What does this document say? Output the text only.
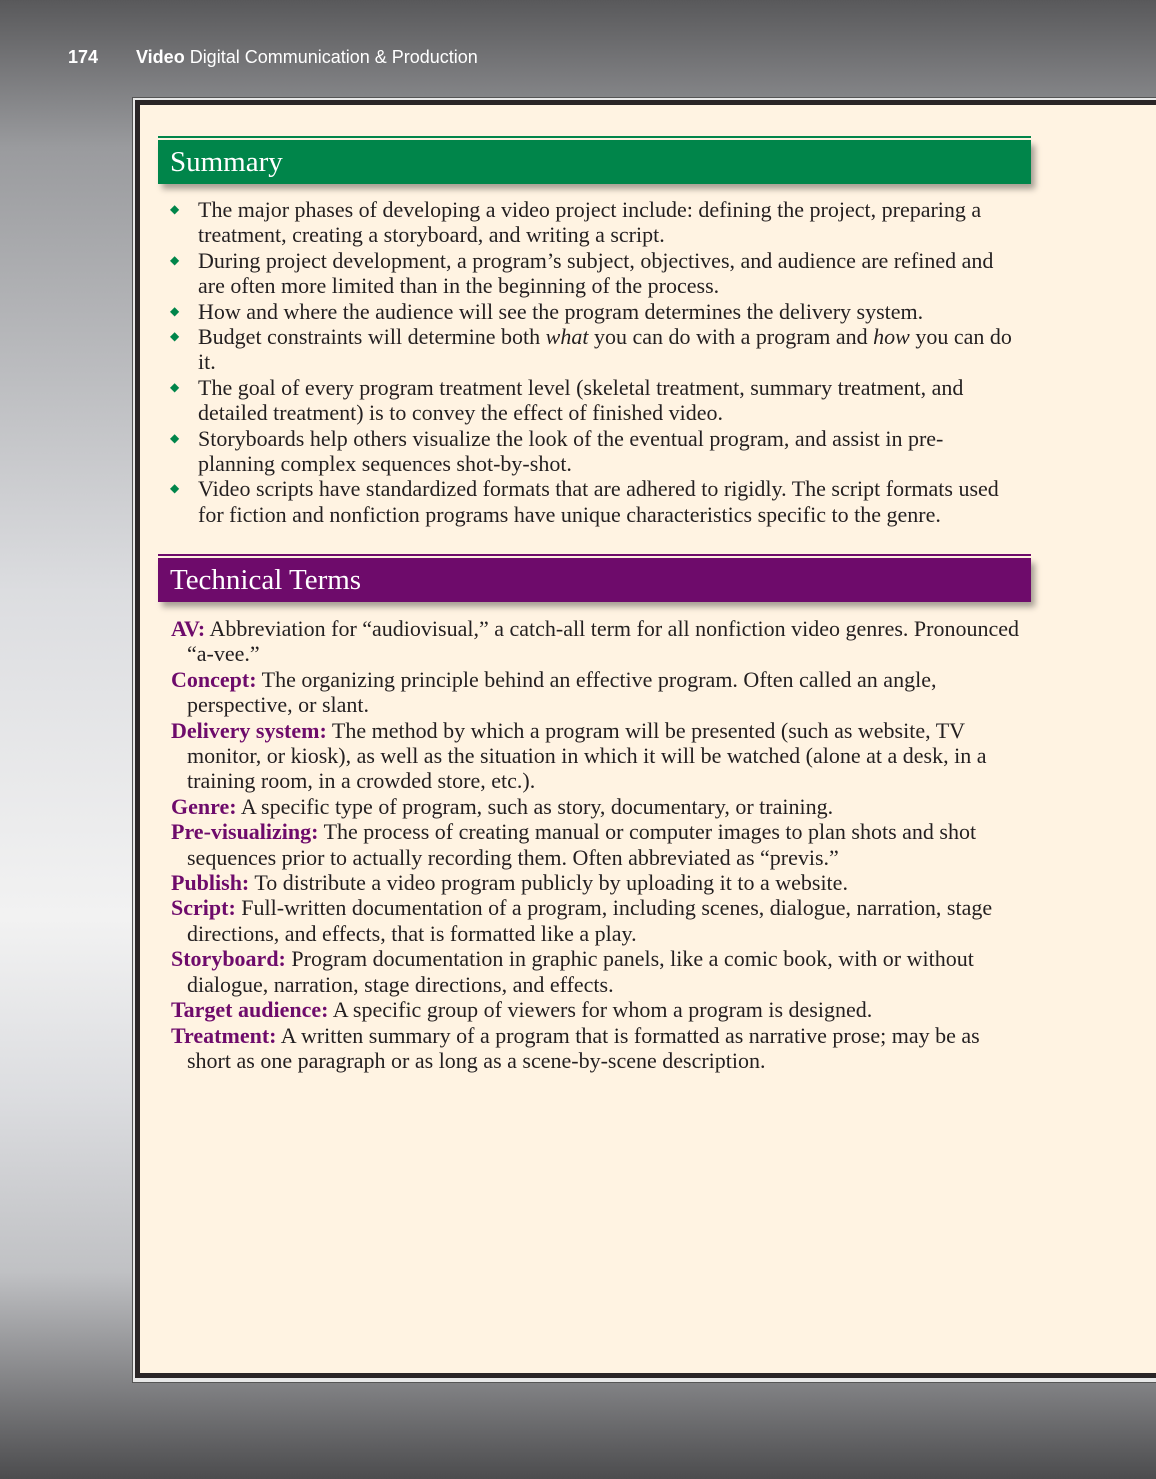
174 Video Digital Communication & Production
Summary
◆ The major phases of developing a video project include: defining the project, preparing a treatment, creating a storyboard, and writing a script.
◆ During project development, a program’s subject, objectives, and audience are refined and are often more limited than in the beginning of the process.
◆ How and where the audience will see the program determines the delivery system.
◆ Budget constraints will determine both what you can do with a program and how you can do it.
◆ The goal of every program treatment level (skeletal treatment, summary treatment, and detailed treatment) is to convey the effect of finished video.
◆ Storyboards help others visualize the look of the eventual program, and assist in pre-planning complex sequences shot-by-shot.
◆ Video scripts have standardized formats that are adhered to rigidly. The script formats used for fiction and nonfiction programs have unique characteristics specific to the genre.
Technical Terms
AV: Abbreviation for “audiovisual,” a catch-all term for all nonfiction video genres. Pronounced “a-vee.”
Concept: The organizing principle behind an effective program. Often called an angle, perspective, or slant.
Delivery system: The method by which a program will be presented (such as website, TV monitor, or kiosk), as well as the situation in which it will be watched (alone at a desk, in a training room, in a crowded store, etc.).
Genre: A specific type of program, such as story, documentary, or training.
Pre-visualizing: The process of creating manual or computer images to plan shots and shot sequences prior to actually recording them. Often abbreviated as “previs.”
Publish: To distribute a video program publicly by uploading it to a website.
Script: Full-written documentation of a program, including scenes, dialogue, narration, stage directions, and effects, that is formatted like a play.
Storyboard: Program documentation in graphic panels, like a comic book, with or without dialogue, narration, stage directions, and effects.
Target audience: A specific group of viewers for whom a program is designed.
Treatment: A written summary of a program that is formatted as narrative prose; may be as short as one paragraph or as long as a scene-by-scene description.
